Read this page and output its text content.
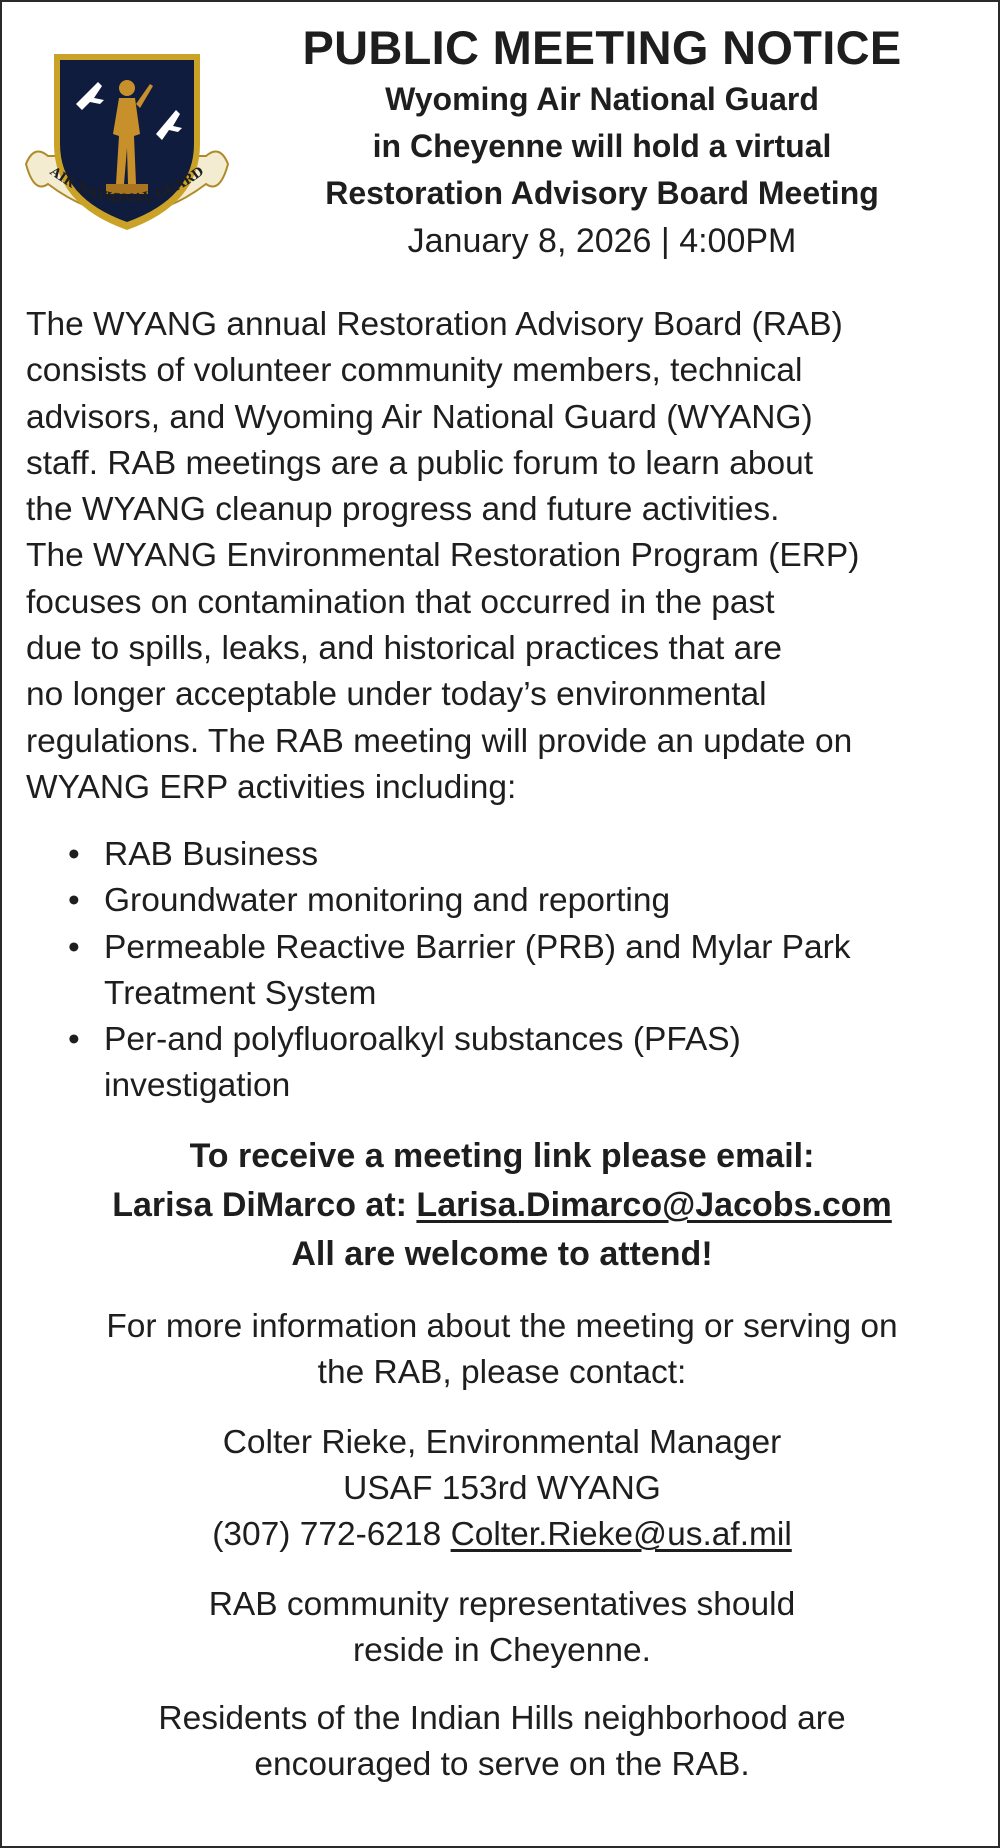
AIR NATIONAL GUARD
PUBLIC MEETING NOTICE

Wyoming Air National Guard

in Cheyenne will hold a virtual

Restoration Advisory Board Meeting

January 8, 2026 | 4:00PM

The WYANG annual Restoration Advisory Board (RAB)
consists of volunteer community members, technical
advisors, and Wyoming Air National Guard (WYANG)
staff. RAB meetings are a public forum to learn about
the WYANG cleanup progress and future activities.
The WYANG Environmental Restoration Program (ERP)
focuses on contamination that occurred in the past
due to spills, leaks, and historical practices that are
no longer acceptable under today’s environmental
regulations. The RAB meeting will provide an update on
WYANG ERP activities including:
• RAB Business
• Groundwater monitoring and reporting
• Permeable Reactive Barrier (PRB) and Mylar Park
Treatment System
• Per-and polyfluoroalkyl substances (PFAS)
investigation
To receive a meeting link please email:
Larisa DiMarco at: Larisa.Dimarco@Jacobs.com
All are welcome to attend!
For more information about the meeting or serving on
the RAB, please contact:
Colter Rieke, Environmental Manager
USAF 153rd WYANG
(307) 772-6218 Colter.Rieke@us.af.mil
RAB community representatives should
reside in Cheyenne.
Residents of the Indian Hills neighborhood are
encouraged to serve on the RAB.
